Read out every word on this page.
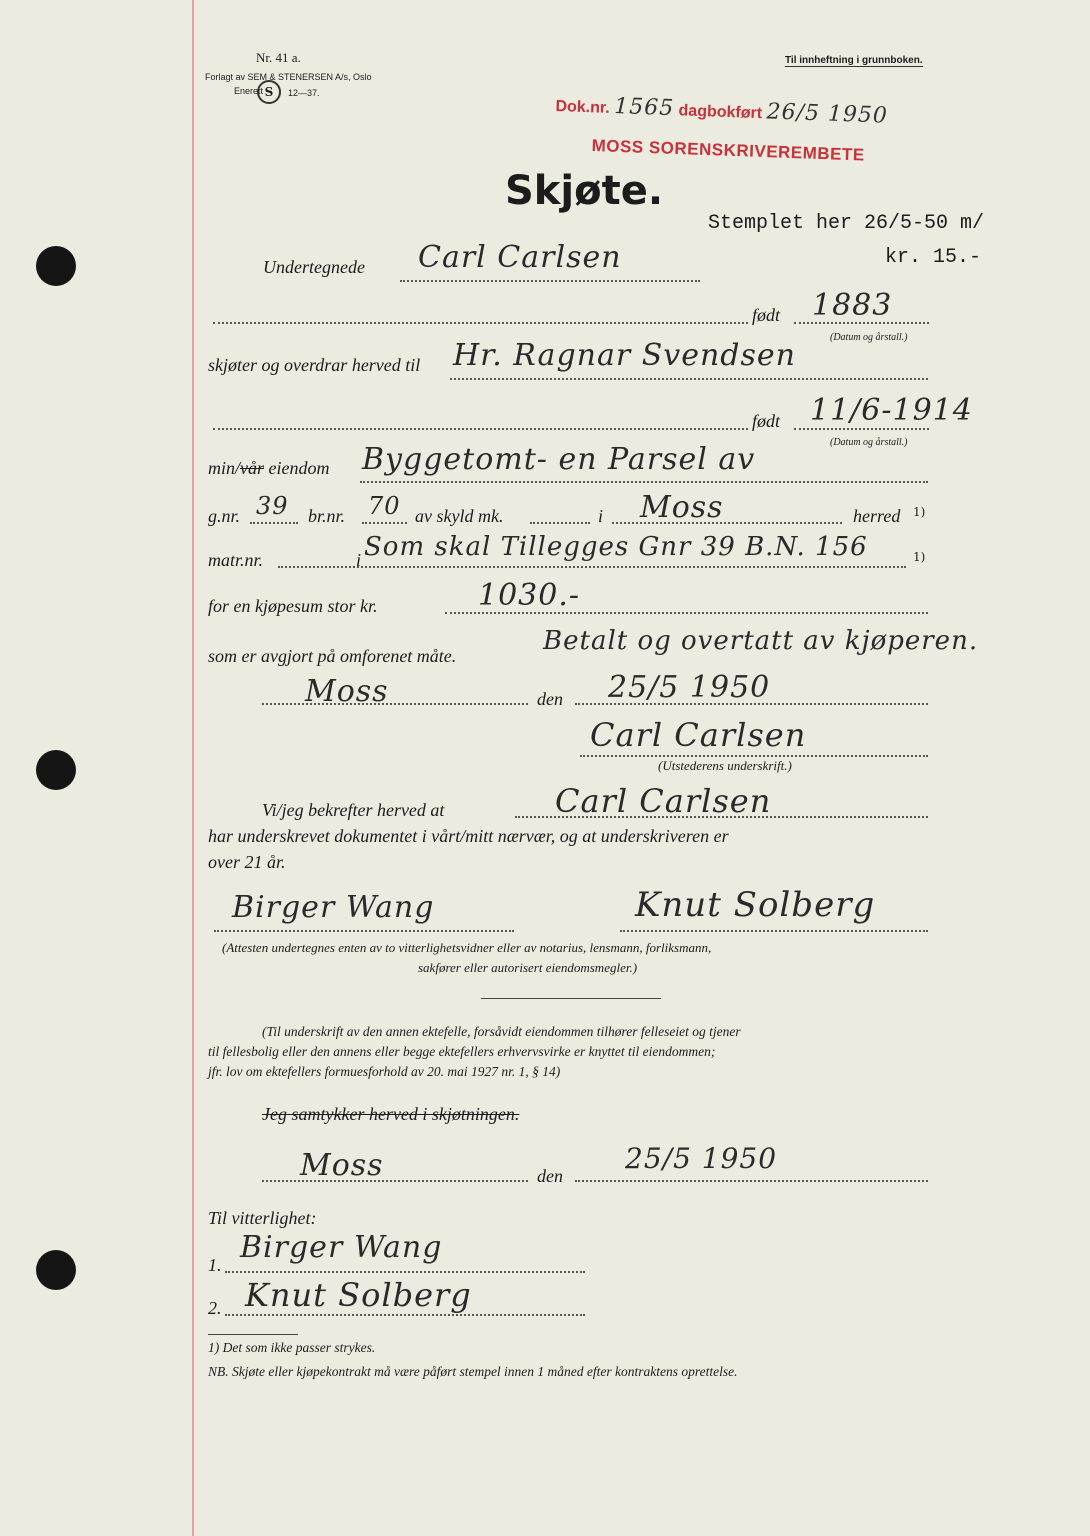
Nr. 41 a.
Forlagt av SEM & STENERSEN A/s, Oslo
Enerett S	12—37.
Til innheftning i grunnboken.
Dok.nr. 1565 dagbokført 26/5 1950
MOSS SORENSKRIVEREMBETE
Skjøte.
Stemplet her 26/5-50 m/
kr. 15.-
Undertegnede Carl Carlsen
født 1883
(Datum og årstall.)
skjøter og overdrar herved til Hr. Ragnar Svendsen
født 11/6-1914
(Datum og årstall.)
min/vår eiendom Byggetomt- en Parsel av
g.nr. 39 br.nr. 70 av skyld mk.	i Moss	herred 1)
matr.nr.	i Som skal Tillegges Gnr 39 B.N. 156	1)
for en kjøpesum stor kr.	1030.-
som er avgjort på omforenet måte.	Betalt og overtatt av kjøperen.
Moss	den 25/5 1950
Carl Carlsen
(Utstederens underskrift.)
Vi/jeg bekrefter herved at	Carl Carlsen
har underskrevet dokumentet i vårt/mitt nærvær, og at underskriveren er
over 21 år.
Birger Wang	Knut Solberg
(Attesten undertegnes enten av to vitterlighetsvidner eller av notarius, lensmann, forliksmann,
sakfører eller autorisert eiendomsmegler.)
(Til underskrift av den annen ektefelle, forsåvidt eiendommen tilhører felleseiet og tjener
til fellesbolig eller den annens eller begge ektefellers erhvervsvirke er knyttet til eiendommen;
jfr. lov om ektefellers formuesforhold av 20. mai 1927 nr. 1, § 14)
Jeg samtykker herved i skjøtningen.
Moss	den
25/5 1950
Til vitterlighet:
1. Birger Wang
2. Knut Solberg
1) Det som ikke passer strykes.
NB. Skjøte eller kjøpekontrakt må være påført stempel innen 1 måned efter kontraktens oprettelse.
